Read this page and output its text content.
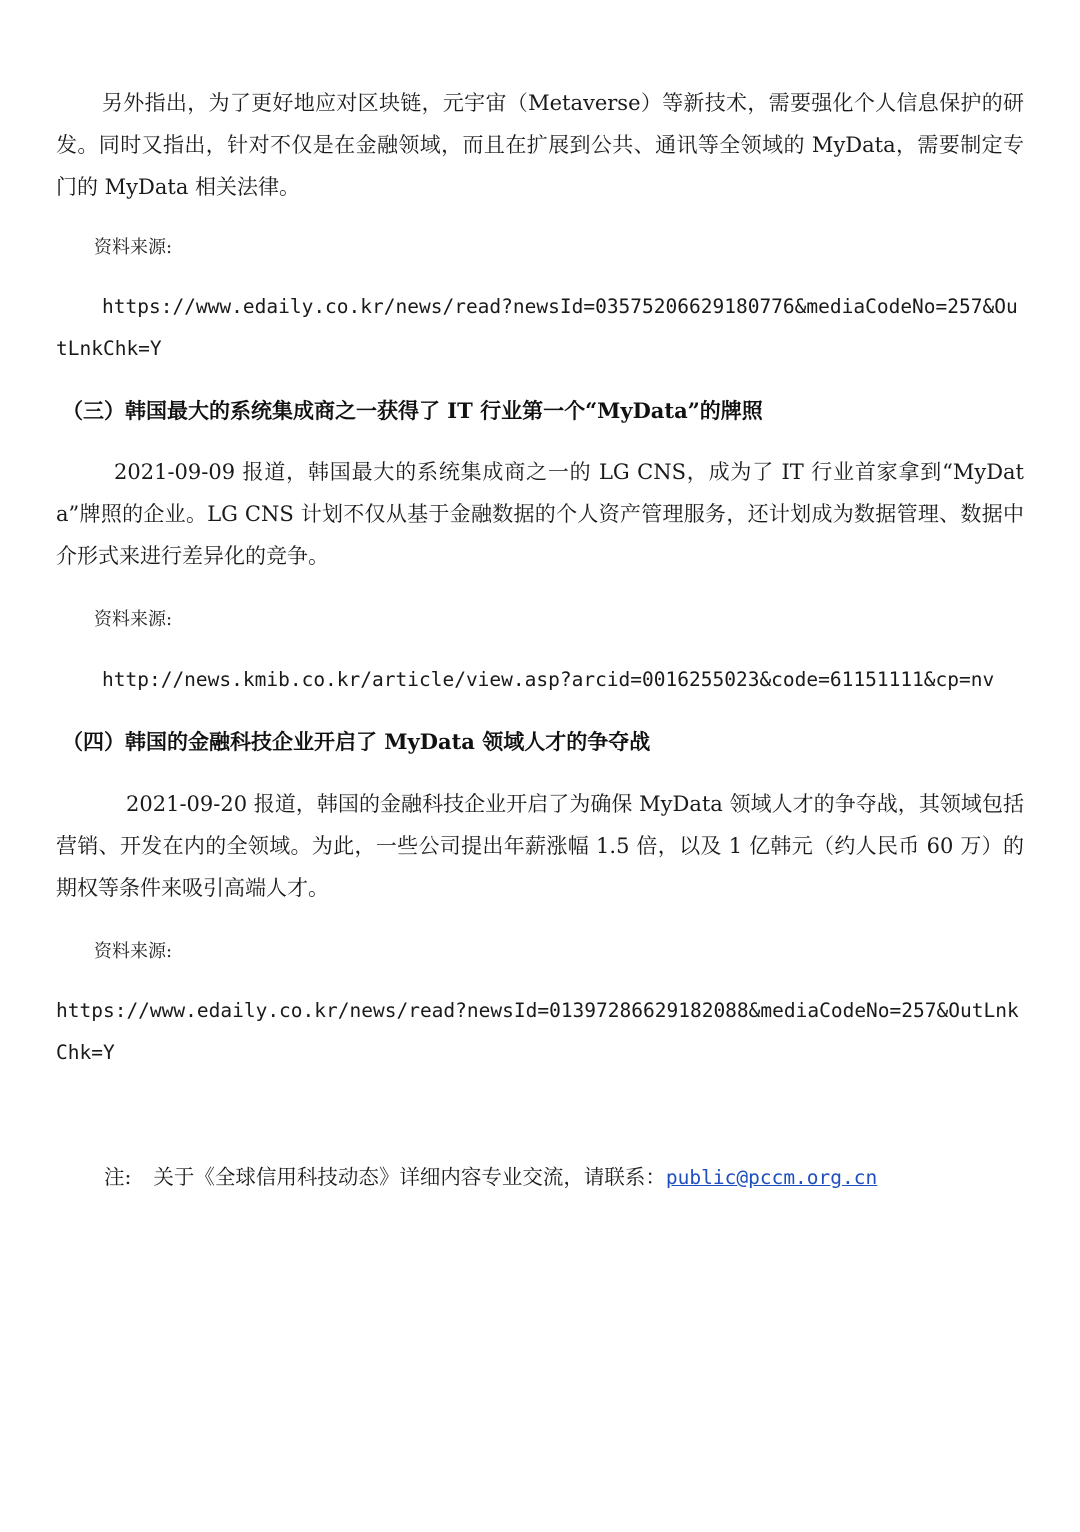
另外指出，为了更好地应对区块链，元宇宙（Metaverse）等新技术，需要强化个人信息保护的研发。同时又指出，针对不仅是在金融领域，而且在扩展到公共、通讯等全领域的 MyData，需要制定专门的 MyData 相关法律。

资料来源:

https://www.edaily.co.kr/news/read?newsId=03575206629180776&mediaCodeNo=257&OutLnkChk=Y

（三）韩国最大的系统集成商之一获得了 IT 行业第一个“MyData”的牌照

2021-09-09 报道，韩国最大的系统集成商之一的 LG CNS，成为了 IT 行业首家拿到“MyData”牌照的企业。LG CNS 计划不仅从基于金融数据的个人资产管理服务，还计划成为数据管理、数据中介形式来进行差异化的竞争。

资料来源:

http://news.kmib.co.kr/article/view.asp?arcid=0016255023&code=61151111&cp=nv

（四）韩国的金融科技企业开启了 MyData 领域人才的争夺战

2021-09-20 报道，韩国的金融科技企业开启了为确保 MyData 领域人才的争夺战，其领域包括营销、开发在内的全领域。为此，一些公司提出年薪涨幅 1.5 倍，以及 1 亿韩元（约人民币 60 万）的期权等条件来吸引高端人才。

资料来源:

https://www.edaily.co.kr/news/read?newsId=01397286629182088&mediaCodeNo=257&OutLnkChk=Y

注: 关于《全球信用科技动态》详细内容专业交流，请联系：public@pccm.org.cn
